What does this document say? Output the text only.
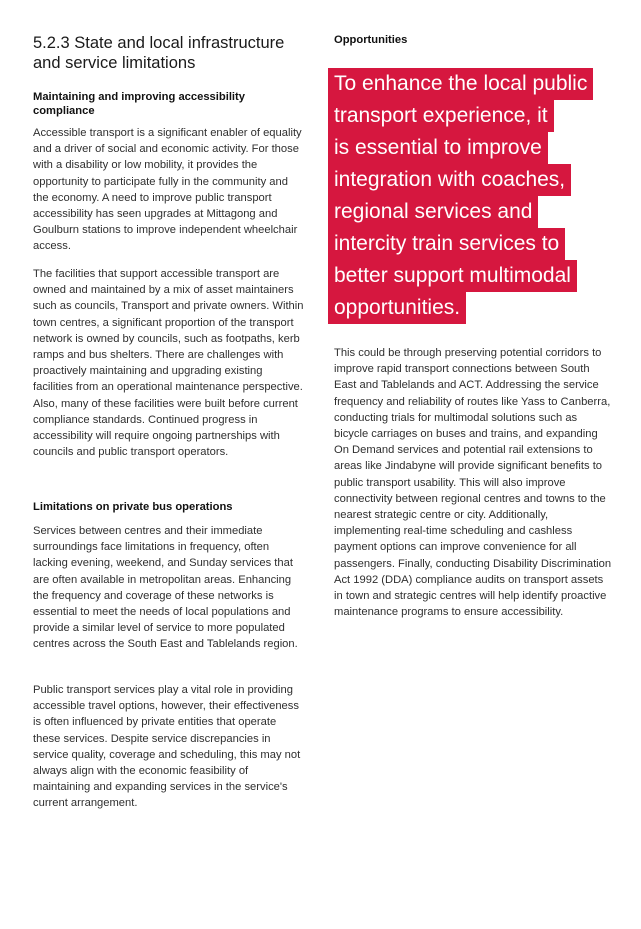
5.2.3 State and local infrastructure
and service limitations
Maintaining and improving accessibility
compliance

Accessible transport is a significant enabler of equality and a driver of social and economic activity. For those with a disability or low mobility, it provides the opportunity to participate fully in the community and the economy. A need to improve public transport accessibility has seen upgrades at Mittagong and Goulburn stations to improve independent wheelchair access.

The facilities that support accessible transport are owned and maintained by a mix of asset maintainers such as councils, Transport and private owners. Within town centres, a significant proportion of the transport network is owned by councils, such as footpaths, kerb ramps and bus shelters. There are challenges with proactively maintaining and upgrading existing facilities from an operational maintenance perspective. Also, many of these facilities were built before current compliance standards. Continued progress in accessibility will require ongoing partnerships with councils and public transport operators.

Limitations on private bus operations

Services between centres and their immediate surroundings face limitations in frequency, often lacking evening, weekend, and Sunday services that are often available in metropolitan areas. Enhancing the frequency and coverage of these networks is essential to meet the needs of local populations and provide a similar level of service to more populated centres across the South East and Tablelands region.

Public transport services play a vital role in providing accessible travel options, however, their effectiveness is often influenced by private entities that operate these services. Despite service discrepancies in service quality, coverage and scheduling, this may not always align with the economic feasibility of maintaining and expanding services in the service's current arrangement.

Opportunities
To enhance the local public
transport experience, it
is essential to improve
integration with coaches,
regional services and
intercity train services to
better support multimodal
opportunities.

This could be through preserving potential corridors to improve rapid transport connections between South East and Tablelands and ACT. Addressing the service frequency and reliability of routes like Yass to Canberra, conducting trials for multimodal solutions such as bicycle carriages on buses and trains, and expanding On Demand services and potential rail extensions to areas like Jindabyne will provide significant benefits to public transport usability. This will also improve connectivity between regional centres and towns to the nearest strategic centre or city. Additionally, implementing real-time scheduling and cashless payment options can improve convenience for all passengers. Finally, conducting Disability Discrimination Act 1992 (DDA) compliance audits on transport assets in town and strategic centres will help identify proactive maintenance programs to ensure accessibility.
